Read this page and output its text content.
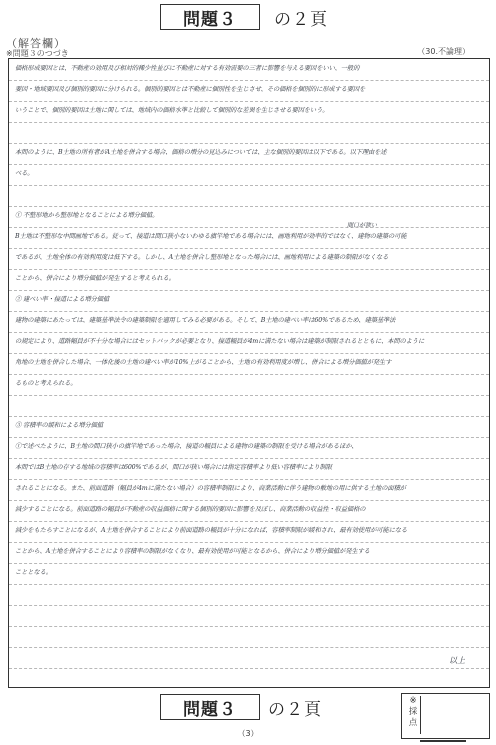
問題３	の２頁
（解答欄）
※問題３のつづき	（30.不論理）
価格形成要因とは、不動産の効用及び相対的稀少性並びに不動産に対する有効需要の三者に影響を与える要因をいい、一般的
要因・地域要因及び個別的要因に分けられる。個別的要因とは不動産に個別性を生じさせ、その価格を個別的に形成する要因を
いうことで、個別的要因は土地に関しては、地域内の価格水準と比較して個別的な差異を生じさせる要因をいう。
本問のように、B土地の所有者がA土地を併合する場合、価格の増分の見込みについては、主な個別的要因は以下である。以下理由を述
べる。
① 不整形地から整形地となることによる増分価値。
B土地は不整形な中間画地である。従って、接道は間口狭小ないわゆる旗竿地である場合には、画地利用が効率的ではなく、建物の建築の可能
であるが、土地全体の有効利用度は低下する。しかし、A土地を併合し整形地となった場合には、画地利用による建築の制限がなくなる
ことから、併合により増分価値が発生すると考えられる。
② 建ぺい率・接道による増分価値
建物の建築にあたっては、建築基準法令の建築制限を適用してみる必要がある。そして、B土地の建ぺい率は60%であるため、建築基準法
の規定により、道路幅員が不十分な場合にはセットバックが必要となり、接道幅員が4mに満たない場合は建築が制限されるとともに、本問のように
角地の土地を併合した場合、一体化後の土地の建ぺい率が10%上がることから、土地の有効利用度が増し、併合による増分価値が発生す
るものと考えられる。
③ 容積率の緩和による増分価値
①で述べたように、B土地の間口狭小の旗竿地であった場合、接道の幅員による建物の建築の制限を受ける場合があるほか、
本問ではB土地の存する地域の容積率は600%であるが、間口が狭い場合には指定容積率より低い容積率により制限
されることになる。また、前面道路（幅員が4mに満たない場合）の容積率制限により、商業活動に伴う建物の敷地の用に供する土地の面積が
減少することになる。前面道路の幅員が不動産の収益価格に関する個別的要因に影響を及ぼし、商業活動の収益性・収益価格の
減少をもたらすことになるが、A土地を併合することにより前面道路の幅員が十分になれば、容積率制限が緩和され、最有効使用が可能になる
ことから、A土地を併合することにより容積率の制限がなくなり、最有効使用が可能となるから、併合により増分価値が発生する
こととなる。
間口が狭い
以上
問題３	の２頁
（3）
※採点
